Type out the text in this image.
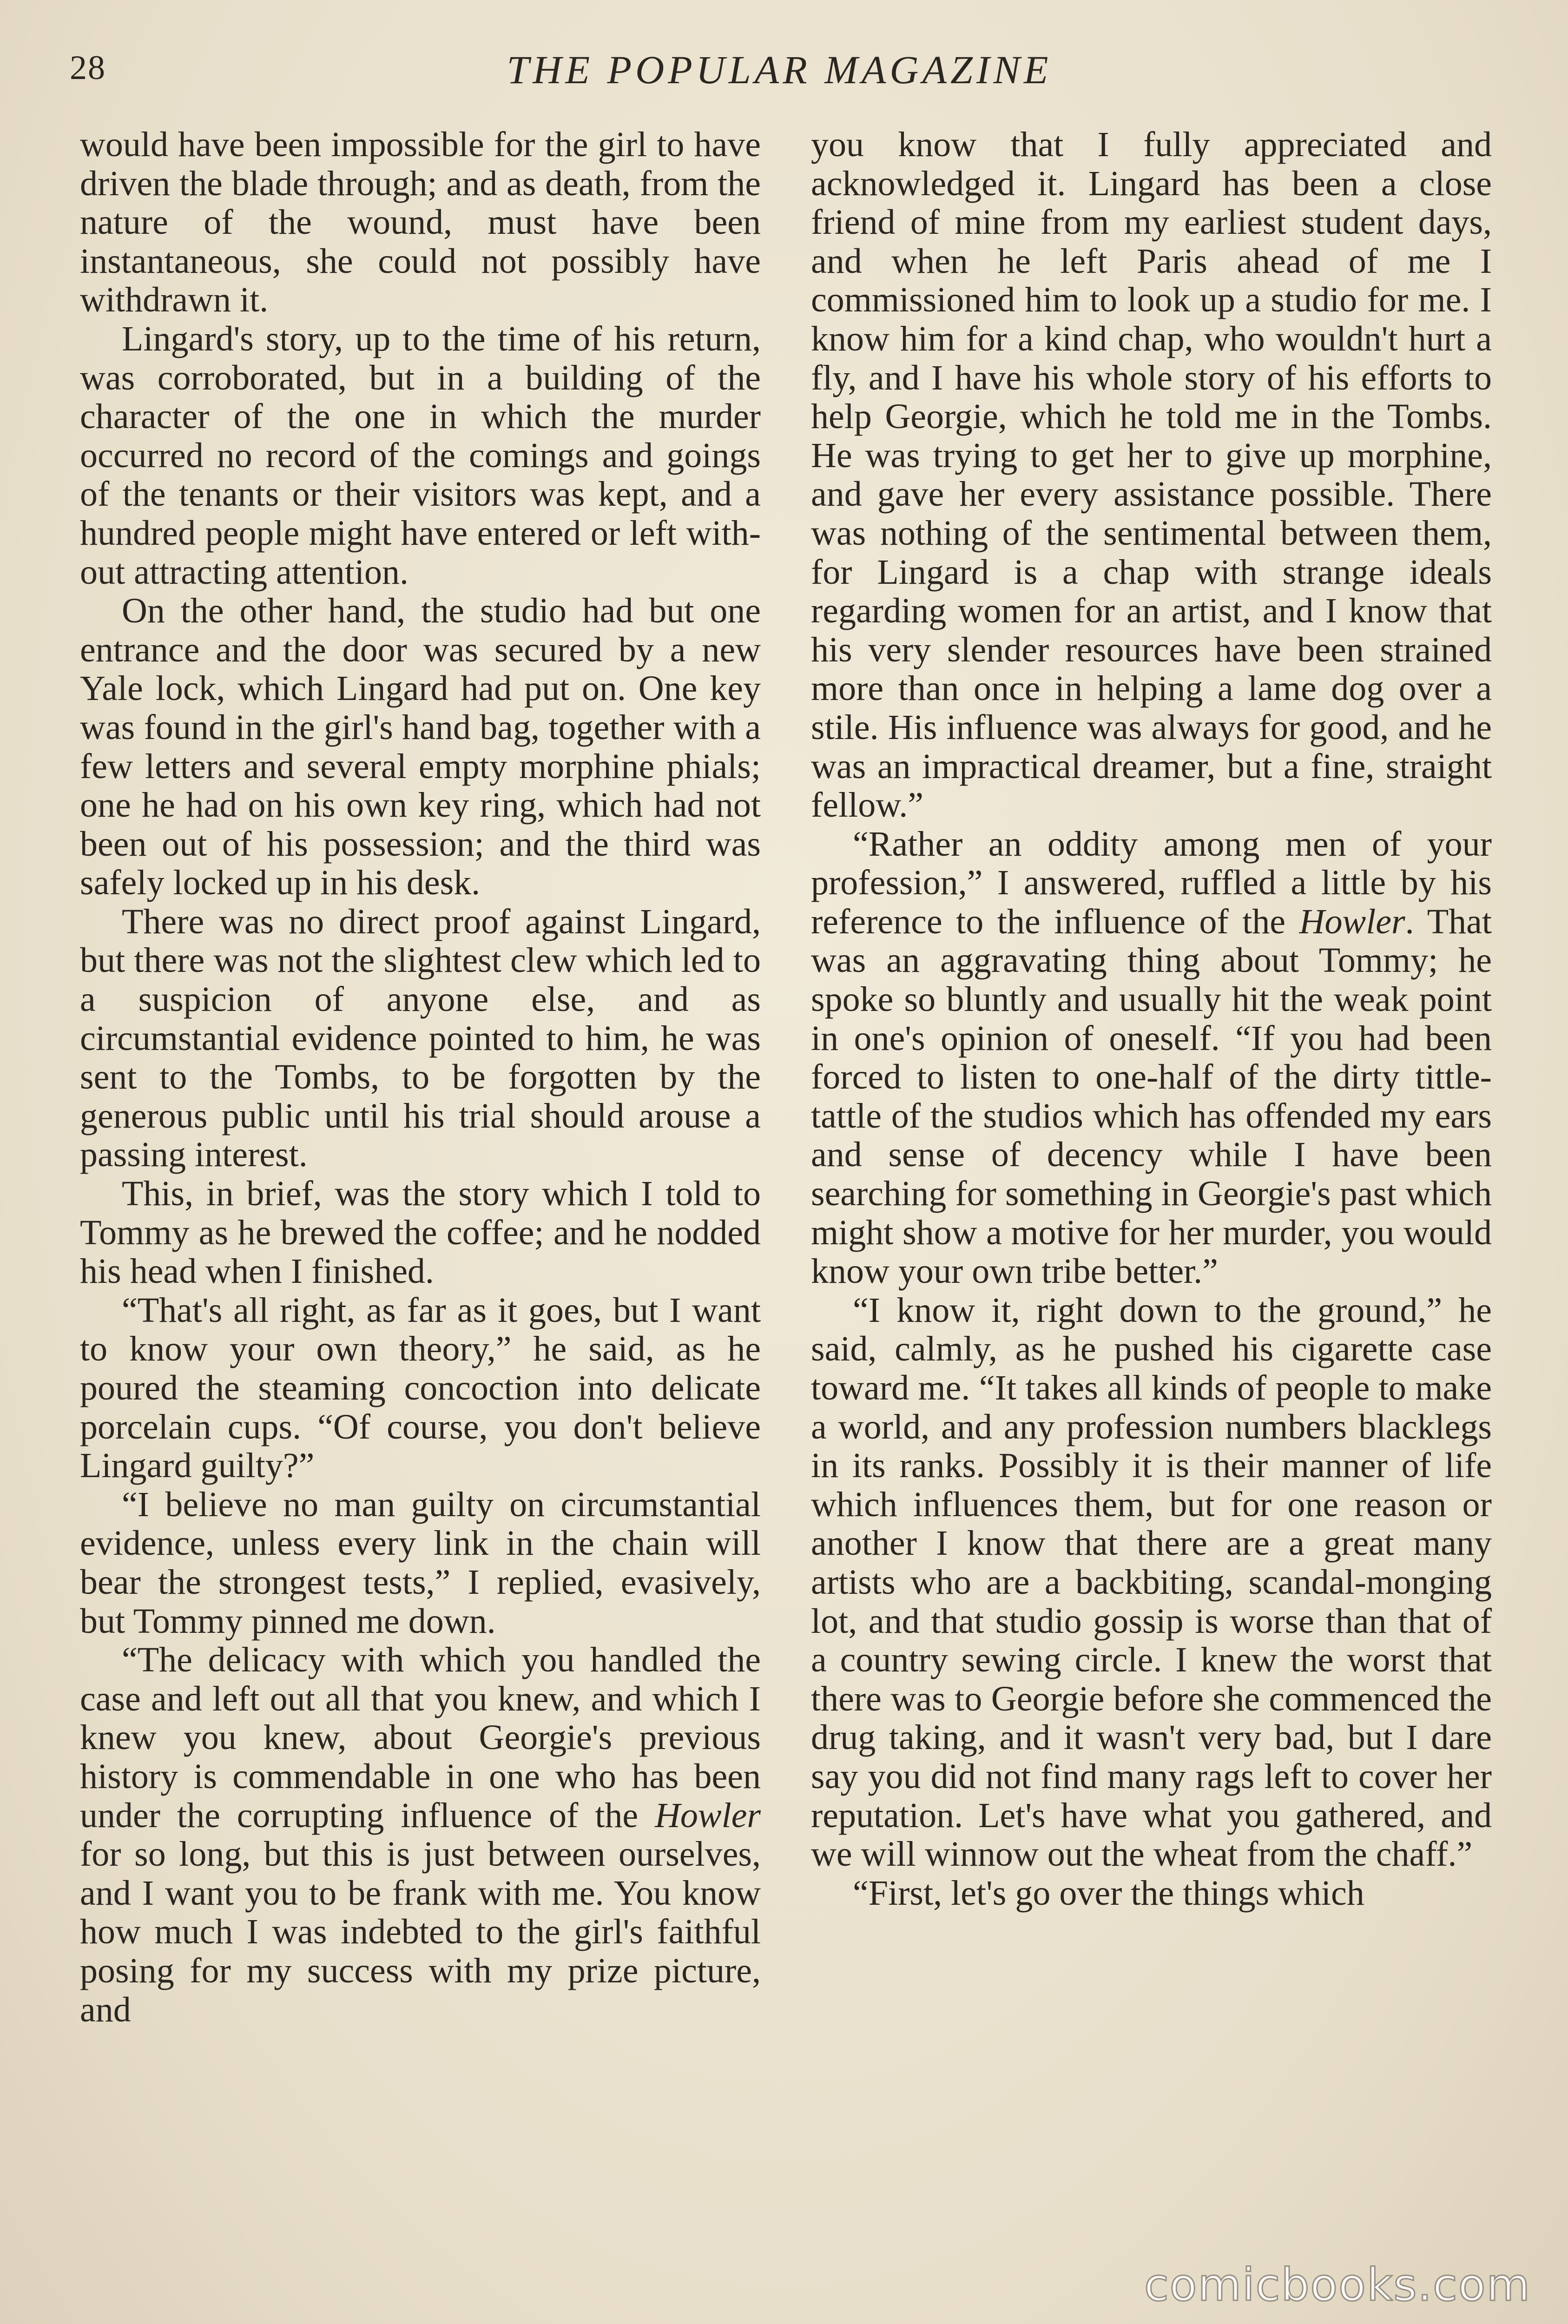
28	THE POPULAR MAGAZINE

would have been impossible for the girl to have driven the blade through; and as death, from the nature of the wound, must have been instantaneous, she could not possibly have withdrawn it.

Lingard's story, up to the time of his return, was corroborated, but in a building of the character of the one in which the murder occurred no record of the comings and goings of the tenants or their visitors was kept, and a hundred people might have entered or left without attracting attention.

On the other hand, the studio had but one entrance and the door was secured by a new Yale lock, which Lingard had put on. One key was found in the girl's hand bag, together with a few letters and several empty morphine phials; one he had on his own key ring, which had not been out of his possession; and the third was safely locked up in his desk.

There was no direct proof against Lingard, but there was not the slightest clew which led to a suspicion of anyone else, and as circumstantial evidence pointed to him, he was sent to the Tombs, to be forgotten by the generous public until his trial should arouse a passing interest.

This, in brief, was the story which I told to Tommy as he brewed the coffee; and he nodded his head when I finished.

“That's all right, as far as it goes, but I want to know your own theory,” he said, as he poured the steaming concoction into delicate porcelain cups. “Of course, you don't believe Lingard guilty?”

“I believe no man guilty on circumstantial evidence, unless every link in the chain will bear the strongest tests,” I replied, evasively, but Tommy pinned me down.

“The delicacy with which you handled the case and left out all that you knew, and which I knew you knew, about Georgie's previous history is commendable in one who has been under the corrupting influence of the Howler for so long, but this is just between ourselves, and I want you to be frank with me. You know how much I was indebted to the girl's faithful posing for my success with my prize picture, and

you know that I fully appreciated and acknowledged it. Lingard has been a close friend of mine from my earliest student days, and when he left Paris ahead of me I commissioned him to look up a studio for me. I know him for a kind chap, who wouldn't hurt a fly, and I have his whole story of his efforts to help Georgie, which he told me in the Tombs. He was trying to get her to give up morphine, and gave her every assistance possible. There was nothing of the sentimental between them, for Lingard is a chap with strange ideals regarding women for an artist, and I know that his very slender resources have been strained more than once in helping a lame dog over a stile. His influence was always for good, and he was an impractical dreamer, but a fine, straight fellow.”

“Rather an oddity among men of your profession,” I answered, ruffled a little by his reference to the influence of the Howler. That was an aggravating thing about Tommy; he spoke so bluntly and usually hit the weak point in one's opinion of oneself. “If you had been forced to listen to one-half of the dirty tittle-tattle of the studios which has offended my ears and sense of decency while I have been searching for something in Georgie's past which might show a motive for her murder, you would know your own tribe better.”

“I know it, right down to the ground,” he said, calmly, as he pushed his cigarette case toward me. “It takes all kinds of people to make a world, and any profession numbers blacklegs in its ranks. Possibly it is their manner of life which influences them, but for one reason or another I know that there are a great many artists who are a backbiting, scandal-monging lot, and that studio gossip is worse than that of a country sewing circle. I knew the worst that there was to Georgie before she commenced the drug taking, and it wasn't very bad, but I dare say you did not find many rags left to cover her reputation. Let's have what you gathered, and we will winnow out the wheat from the chaff.”

“First, let's go over the things which

comicbooks.com
